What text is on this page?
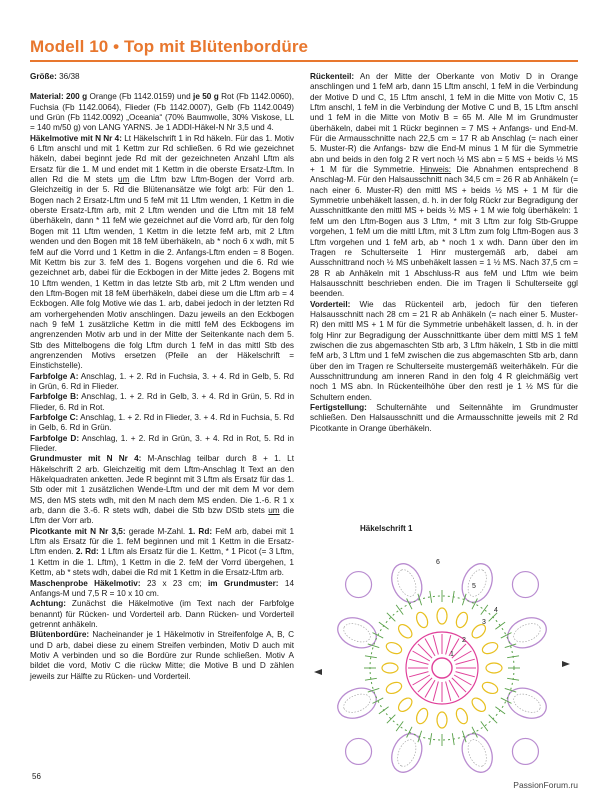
Modell 10 • Top mit Blütenbordüre

Größe: 36/38

Material: 200 g Orange (Fb 1142.0159) und je 50 g Rot (Fb 1142.0060), Fuchsia (Fb 1142.0064), Flieder (Fb 1142.0007), Gelb (Fb 1142.0049) und Grün (Fb 1142.0092) „Oceania“ (70% Baumwolle, 30% Viskose, LL = 140 m/50 g) von LANG YARNS. Je 1 ADDI-Häkel-N Nr 3,5 und 4.

Häkelmotive mit N Nr 4: Lt Häkelschrift 1 in Rd häkeln. Für das 1. Motiv 6 Lftm anschl und mit 1 Kettm zur Rd schließen. 6 Rd wie gezeichnet häkeln, dabei beginnt jede Rd mit der gezeichneten Anzahl Lftm als Ersatz für die 1. M und endet mit 1 Kettm in die oberste Ersatz-Lftm. In allen Rd die M stets um die Lftm bzw Lftm-Bogen der Vorrd arb. Gleichzeitig in der 5. Rd die Blütenansätze wie folgt arb: Für den 1. Bogen nach 2 Ersatz-Lftm und 5 feM mit 11 Lftm wenden, 1 Kettm in die oberste Ersatz-Lftm arb, mit 2 Lftm wenden und die Lftm mit 18 feM überhäkeln, dann * 11 feM wie gezeichnet auf die Vorrd arb, für den folg Bogen mit 11 Lftm wenden, 1 Kettm in die letzte feM arb, mit 2 Lftm wenden und den Bogen mit 18 feM überhäkeln, ab * noch 6 x wdh, mit 5 feM auf die Vorrd und 1 Kettm in die 2. Anfangs-Lftm enden = 8 Bogen. Mit Kettm bis zur 3. feM des 1. Bogens vorgehen und die 6. Rd wie gezeichnet arb, dabei für die Eckbogen in der Mitte jedes 2. Bogens mit 10 Lftm wenden, 1 Kettm in das letzte Stb arb, mit 2 Lftm wenden und den Lftm-Bogen mit 18 feM überhäkeln, dabei diese um die Lftm arb = 4 Eckbogen. Alle folg Motive wie das 1. arb, dabei jedoch in der letzten Rd am vorhergehenden Motiv anschlingen. Dazu jeweils an den Eckbogen nach 9 feM 1 zusätzliche Kettm in die mittl feM des Eckbogens im angrenzenden Motiv arb und in der Mitte der Seitenkante nach dem 5. Stb des Mittelbogens die folg Lftm durch 1 feM in das mittl Stb des angrenzenden Motivs ersetzen (Pfeile an der Häkelschrift = Einstichstelle).

Farbfolge A: Anschlag, 1. + 2. Rd in Fuchsia, 3. + 4. Rd in Gelb, 5. Rd in Grün, 6. Rd in Flieder.

Farbfolge B: Anschlag, 1. + 2. Rd in Gelb, 3. + 4. Rd in Grün, 5. Rd in Flieder, 6. Rd in Rot.

Farbfolge C: Anschlag, 1. + 2. Rd in Flieder, 3. + 4. Rd in Fuchsia, 5. Rd in Gelb, 6. Rd in Grün.

Farbfolge D: Anschlag, 1. + 2. Rd in Grün, 3. + 4. Rd in Rot, 5. Rd in Flieder.

Grundmuster mit N Nr 4: M-Anschlag teilbar durch 8 + 1. Lt Häkelschrift 2 arb. Gleichzeitig mit dem Lftm-Anschlag lt Text an den Häkelquadraten anketten. Jede R beginnt mit 3 Lftm als Ersatz für das 1. Stb oder mit 1 zusätzlichen Wende-Lftm und der mit dem M vor dem MS, den MS stets wdh, mit den M nach dem MS enden. Die 1.-6. R 1 x arb, dann die 3.-6. R stets wdh, dabei die Stb bzw DStb stets um die Lftm der Vorr arb.

Picotkante mit N Nr 3,5: gerade M-Zahl. 1. Rd: FeM arb, dabei mit 1 Lftm als Ersatz für die 1. feM beginnen und mit 1 Kettm in die Ersatz-Lftm enden. 2. Rd: 1 Lftm als Ersatz für die 1. Kettm, * 1 Picot (= 3 Lftm, 1 Kettm in die 1. Lftm), 1 Kettm in die 2. feM der Vorrd übergehen, 1 Kettm, ab * stets wdh, dabei die Rd mit 1 Kettm in die Ersatz-Lftm arb.

Maschenprobe Häkelmotiv: 23 x 23 cm; im Grundmuster: 14 Anfangs-M und 7,5 R = 10 x 10 cm.

Achtung: Zunächst die Häkelmotive (im Text nach der Farbfolge benannt) für Rücken- und Vorderteil arb. Dann Rücken- und Vorderteil getrennt anhäkeln.

Blütenbordüre: Nacheinander je 1 Häkelmotiv in Streifenfolge A, B, C und D arb, dabei diese zu einem Streifen verbinden, Motiv D auch mit Motiv A verbinden und so die Bordüre zur Runde schließen. Motiv A bildet die vord, Motiv C die rückw Mitte; die Motive B und D zählen jeweils zur Hälfte zu Rücken- und Vorderteil.

Rückenteil: An der Mitte der Oberkante von Motiv D in Orange anschlingen und 1 feM arb, dann 15 Lftm anschl, 1 feM in die Verbindung der Motive D und C, 15 Lftm anschl, 1 feM in die Mitte von Motiv C, 15 Lftm anschl, 1 feM in die Verbindung der Motive C und B, 15 Lftm anschl und 1 feM in die Mitte von Motiv B = 65 M. Alle M im Grundmuster überhäkeln, dabei mit 1 Rückr beginnen = 7 MS + Anfangs- und End-M. Für die Armausschnitte nach 22,5 cm = 17 R ab Anschlag (= nach einer 5. Muster-R) die Anfangs- bzw die End-M minus 1 M für die Symmetrie abn und beids in den folg 2 R vert noch ½ MS abn = 5 MS + beids ½ MS + 1 M für die Symmetrie. Hinweis: Die Abnahmen entsprechend 8 Anschlag-M. Für den Halsausschnitt nach 34,5 cm = 26 R ab Anhäkeln (= nach einer 6. Muster-R) den mittl MS + beids ½ MS + 1 M für die Symmetrie unbehäkelt lassen, d. h. in der folg Rückr zur Begradigung der Ausschnittkante den mittl MS + beids ½ MS + 1 M wie folg überhäkeln: 1 feM um den Lftm-Bogen aus 3 Lftm, * mit 3 Lftm zur folg Stb-Gruppe vorgehen, 1 feM um die mittl Lftm, mit 3 Lftm zum folg Lftm-Bogen aus 3 Lftm vorgehen und 1 feM arb, ab * noch 1 x wdh. Dann über den im Tragen re Schulterseite 1 Hinr mustergemäß arb, dabei am Ausschnittrand noch ½ MS unbehäkelt lassen = 1 ½ MS. Nach 37,5 cm = 28 R ab Anhäkeln mit 1 Abschluss-R aus feM und Lftm wie beim Halsausschnitt beschrieben enden. Die im Tragen li Schulterseite ggl beenden.

Vorderteil: Wie das Rückenteil arb, jedoch für den tieferen Halsausschnitt nach 28 cm = 21 R ab Anhäkeln (= nach einer 5. Muster-R) den mittl MS + 1 M für die Symmetrie unbehäkelt lassen, d. h. in der folg Hinr zur Begradigung der Ausschnittkante über dem mittl MS 1 feM zwischen die zus abgemaschten Stb arb, 3 Lftm häkeln, 1 Stb in die mittl feM arb, 3 Lftm und 1 feM zwischen die zus abgemaschten Stb arb, dann über den im Tragen re Schulterseite mustergemäß weiterhäkeln. Für die Ausschnittrundung am inneren Rand in den folg 4 R gleichmäßig vert noch 1 MS abn. In Rückenteilhöhe über den restl je 1 ½ MS für die Schultern enden.

Fertigstellung: Schulternähte und Seitennähte im Grundmuster schließen. Den Halsausschnitt und die Armausschnitte jeweils mit 2 Rd Picotkante in Orange überhäkeln.

1
2
3
4
5
6
Häkelschrift 1
56
PassionForum.ru
